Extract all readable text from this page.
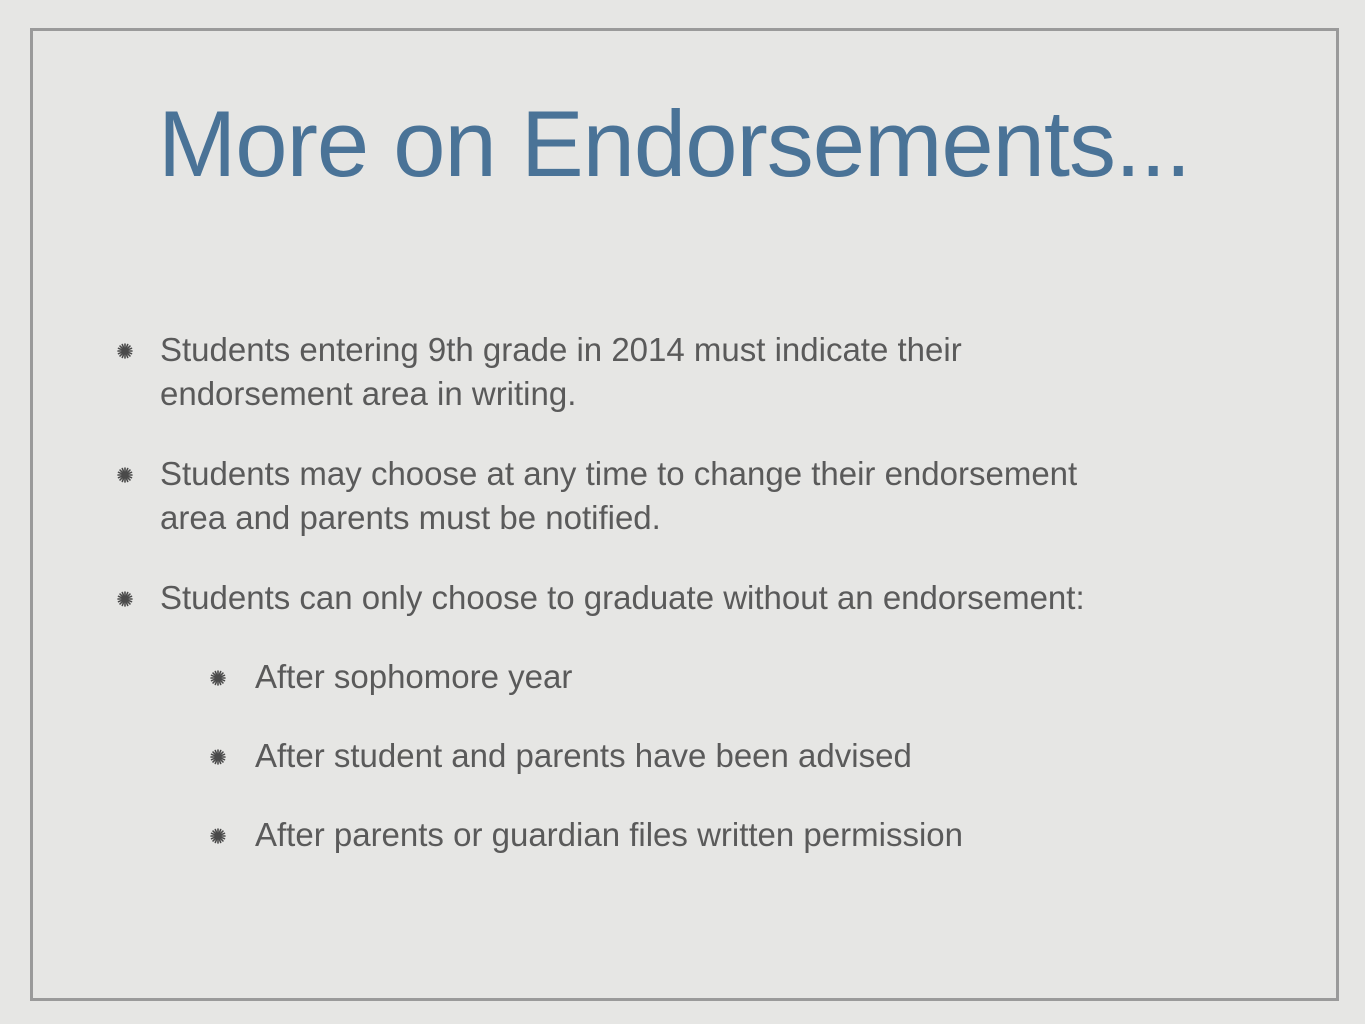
More on Endorsements...
Students entering 9th grade in 2014 must indicate their
endorsement area in writing.
Students may choose at any time to change their endorsement
area and parents must be notified.
Students can only choose to graduate without an endorsement:
After sophomore year
After student and parents have been advised
After parents or guardian files written permission
